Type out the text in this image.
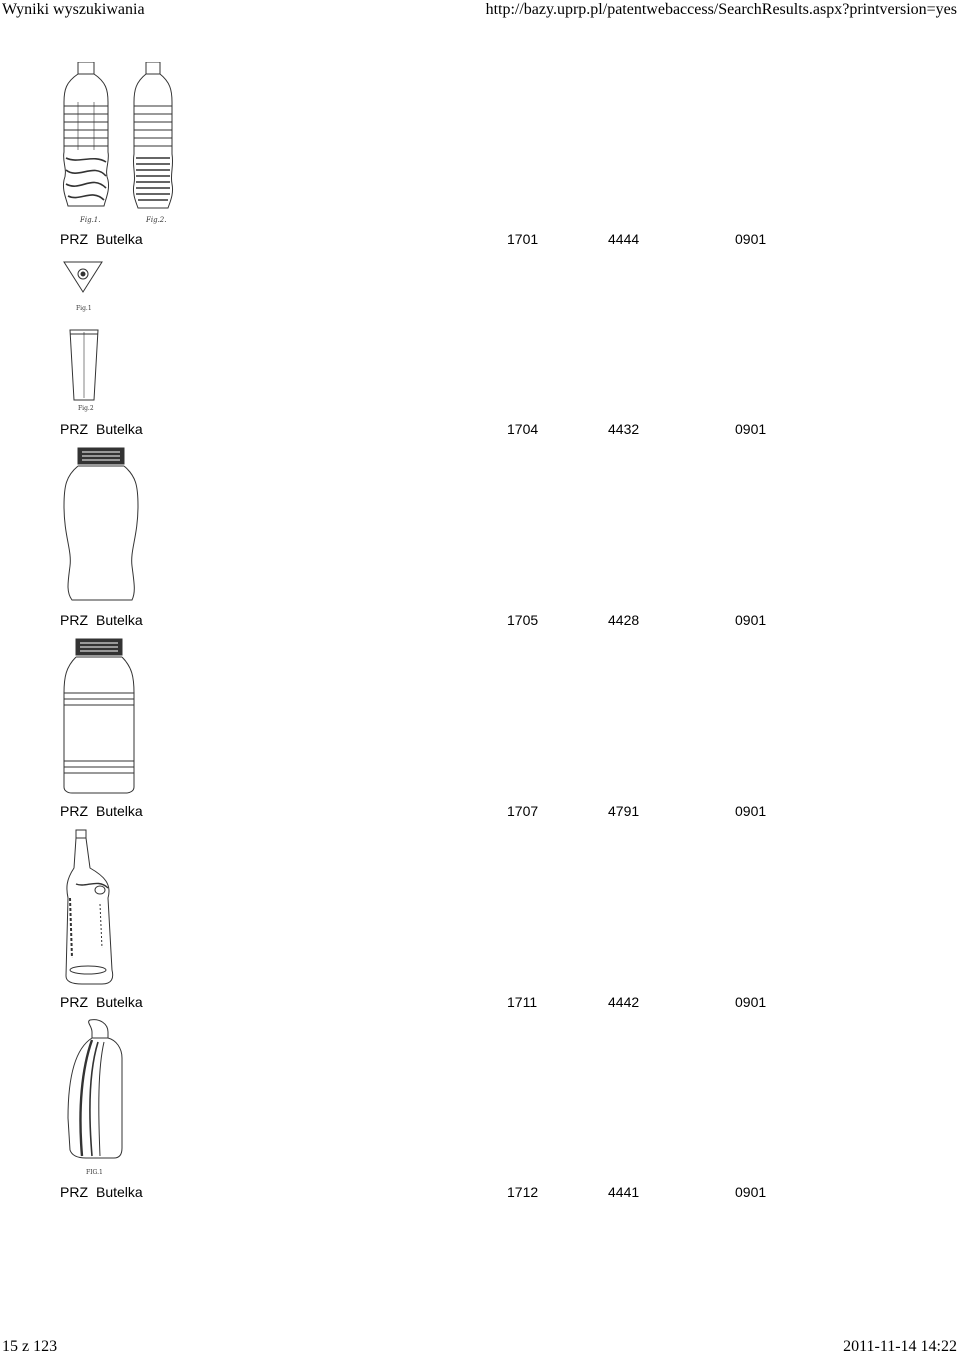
Wyniki wyszukiwania	http://bazy.uprp.pl/patentwebaccess/SearchResults.aspx?printversion=yes
Fig.1.	Fig.2.
PRZ Butelka	1701	4444	0901
Fig.1
Fig.2
PRZ Butelka	1704	4432	0901
PRZ Butelka	1705	4428	0901
PRZ Butelka	1707	4791	0901
PRZ Butelka	1711	4442	0901
FIG.1
PRZ Butelka	1712	4441	0901
15 z 123	2011-11-14 14:22
